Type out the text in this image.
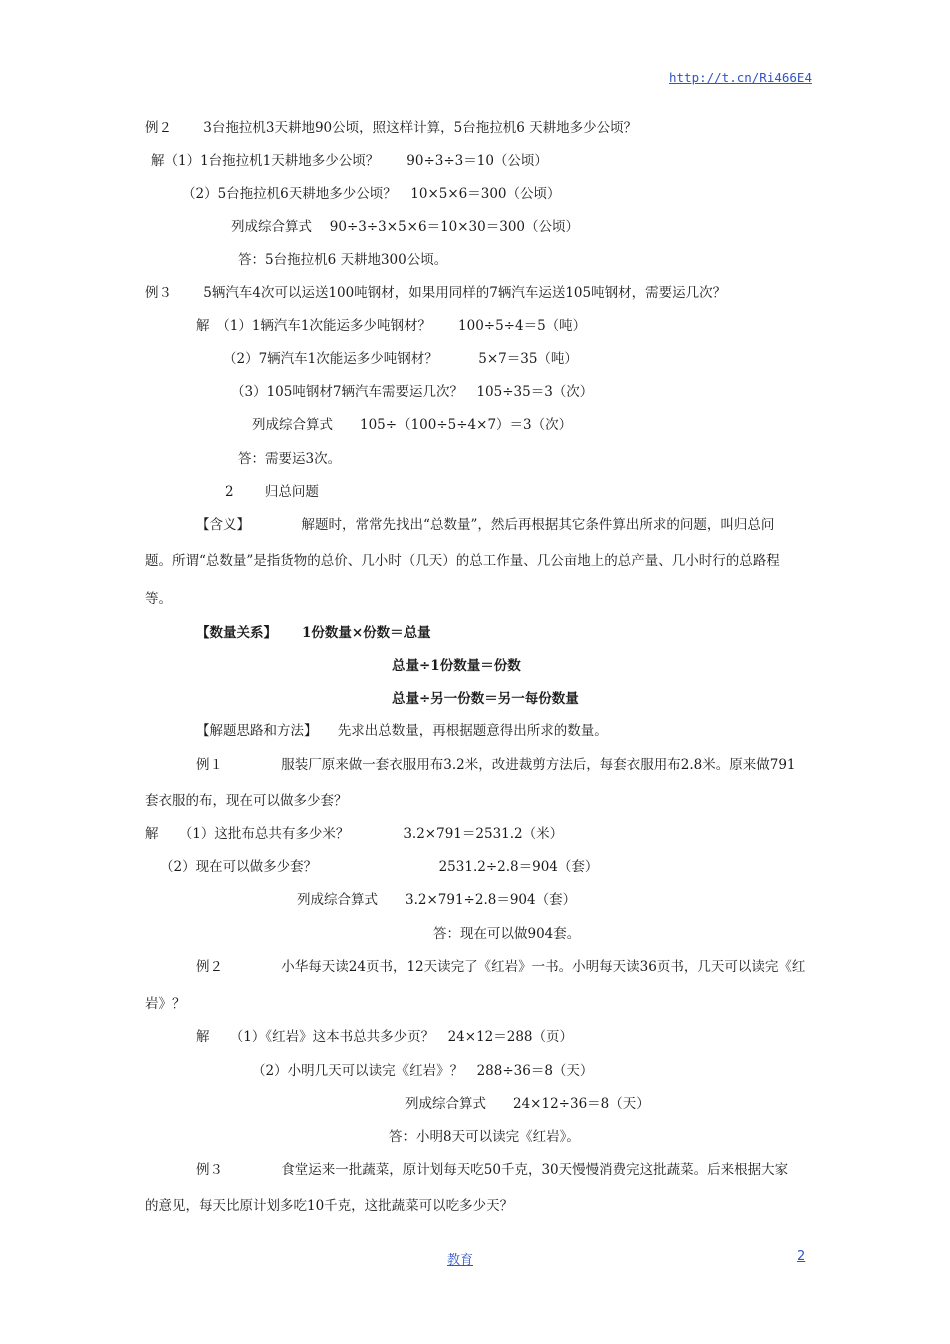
http://t.cn/Ri466E4
例２　　 3台拖拉机3天耕地90公顷，照这样计算，5台拖拉机6 天耕地多少公顷？
解（1）1台拖拉机1天耕地多少公顷？　　90÷3÷3＝10（公顷）
（2）5台拖拉机6天耕地多少公顷？　10×5×6＝300（公顷）
列成综合算式　 90÷3÷3×5×6＝10×30＝300（公顷）
答：5台拖拉机6 天耕地300公顷。
例３　　 5辆汽车4次可以运送100吨钢材，如果用同样的7辆汽车运送105吨钢材，需要运几次？
解　（1）1辆汽车1次能运多少吨钢材？　　100÷5÷4＝5（吨）
（2）7辆汽车1次能运多少吨钢材？　　　5×7＝35（吨）
（3）105吨钢材7辆汽车需要运几次？　105÷35＝3（次）
列成综合算式　　105÷（100÷5÷4×7）＝3（次）
答：需要运3次。
2　　 归总问题
【含义】　　　　 解题时，常常先找出“总数量”，然后再根据其它条件算出所求的问题，叫归总问
题。所谓“总数量”是指货物的总价、几小时（几天）的总工作量、几公亩地上的总产量、几小时行的总路程
等。
【数量关系】　　 1份数量×份数＝总量
总量÷1份数量＝份数
总量÷另一份数＝另一每份数量
【解题思路和方法】　　先求出总数量，再根据题意得出所求的数量。
例１　　　　 服装厂原来做一套衣服用布3.2米，改进裁剪方法后，每套衣服用布2.8米。原来做791
套衣服的布，现在可以做多少套？
解　　（1）这批布总共有多少米？　　　　3.2×791＝2531.2（米）
（2）现在可以做多少套？　　　　　　　　　2531.2÷2.8＝904（套）
列成综合算式　　3.2×791÷2.8＝904（套）
答：现在可以做904套。
例２　　　　 小华每天读24页书，12天读完了《红岩》一书。小明每天读36页书，几天可以读完《红
岩》？
解　　（1）《红岩》这本书总共多少页？　24×12＝288（页）
（2）小明几天可以读完《红岩》？　288÷36＝8（天）
列成综合算式　　24×12÷36＝8（天）
答：小明8天可以读完《红岩》。
例３　　　　 食堂运来一批蔬菜，原计划每天吃50千克，30天慢慢消费完这批蔬菜。后来根据大家
的意见，每天比原计划多吃10千克，这批蔬菜可以吃多少天？
教育	2
